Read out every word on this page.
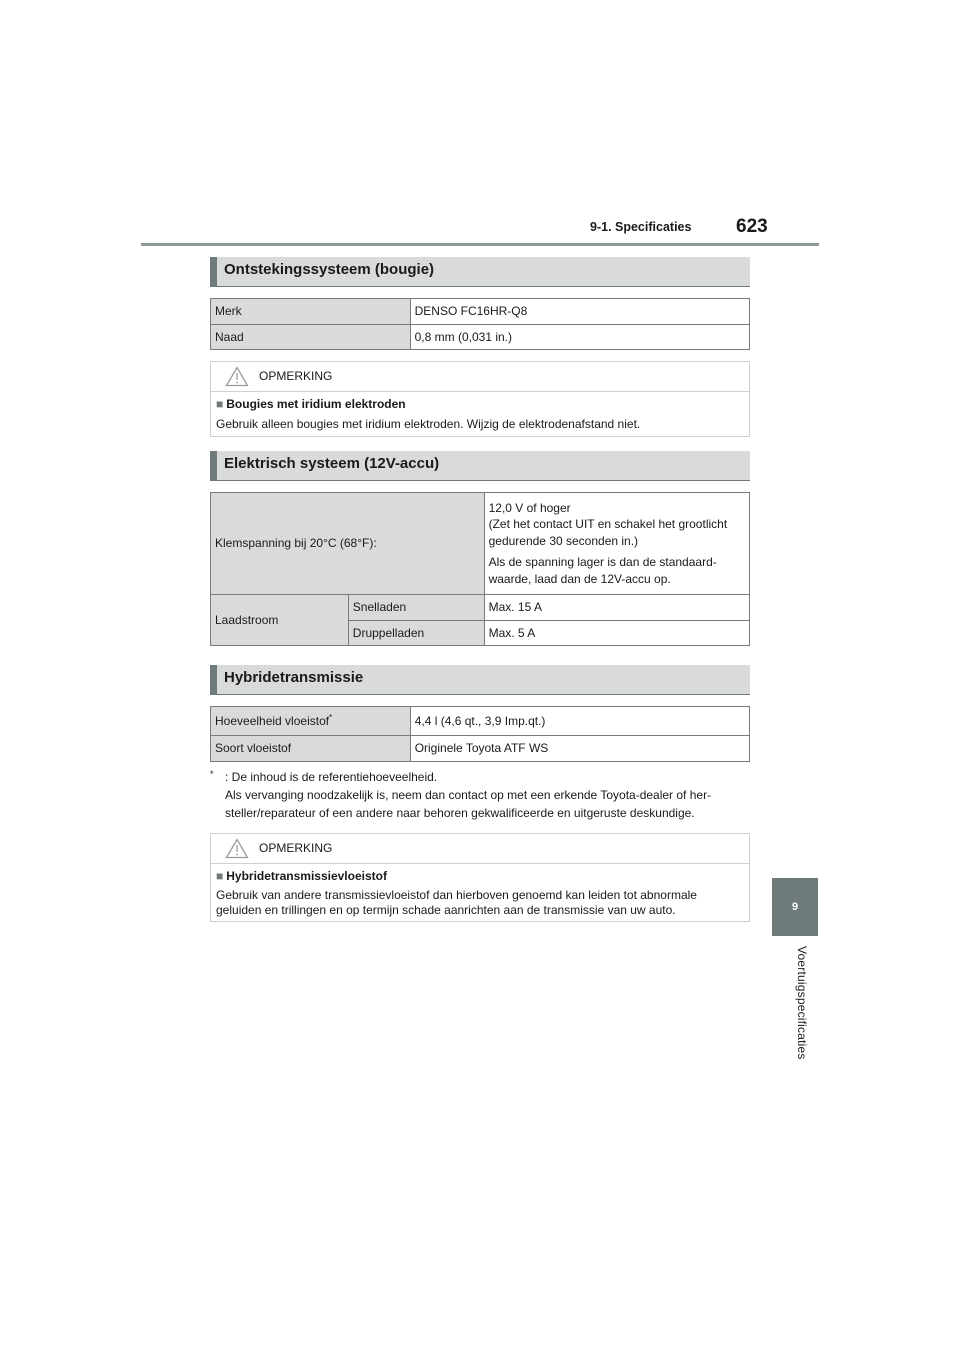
9-1. Specificaties 623
9
Voertuigspecificaties
Ontstekingssysteem (bougie)
Merk	DENSO FC16HR-Q8
Naad	0,8 mm (0,031 in.)
OPMERKING
■ Bougies met iridium elektroden
Gebruik alleen bougies met iridium elektroden. Wijzig de elektrodenafstand niet.
Elektrisch systeem (12V-accu)
Klemspanning bij 20°C (68°F):		12,0 V of hoger
(Zet het contact UIT en schakel het grootlicht gedurende 30 seconden in.)
Als de spanning lager is dan de standaard-waarde, laad dan de 12V-accu op.

Laadstroom	Snelladen	Max. 15 A
	Druppelladen	Max. 5 A
Hybridetransmissie
Hoeveelheid vloeistof*	4,4 l (4,6 qt., 3,9 Imp.qt.)
Soort vloeistof	Originele Toyota ATF WS
* : De inhoud is de referentiehoeveelheid.
Als vervanging noodzakelijk is, neem dan contact op met een erkende Toyota-dealer of her-steller/reparateur of een andere naar behoren gekwalificeerde en uitgeruste deskundige.
OPMERKING
■ Hybridetransmissievloeistof
Gebruik van andere transmissievloeistof dan hierboven genoemd kan leiden tot abnormale geluiden en trillingen en op termijn schade aanrichten aan de transmissie van uw auto.
